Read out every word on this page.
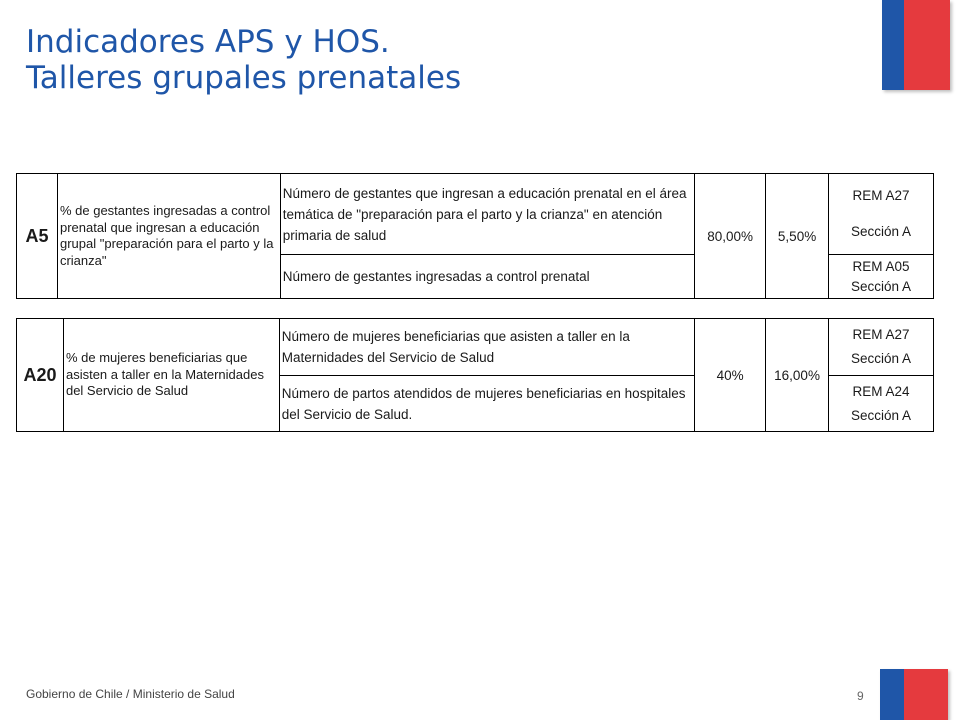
Indicadores APS y HOS.
Talleres grupales prenatales
A5	% de gestantes ingresadas a control prenatal que ingresan a educación grupal "preparación para el parto y la crianza"	Número de gestantes que ingresan a educación prenatal en el área temática de "preparación para el parto y la crianza" en atención primaria de salud	80,00%	5,50%	REM A27
Sección A

		Número de gestantes ingresadas a control prenatal			REM A05
Sección A
A20	% de mujeres beneficiarias que asisten a taller en la Maternidades del Servicio de Salud	Número de mujeres beneficiarias que asisten a taller en la Maternidades del Servicio de Salud	40%	16,00%	REM A27
Sección A

		Número de partos atendidos de mujeres beneficiarias en hospitales del Servicio de Salud.			REM A24
Sección A
Gobierno de Chile / Ministerio de Salud	9
